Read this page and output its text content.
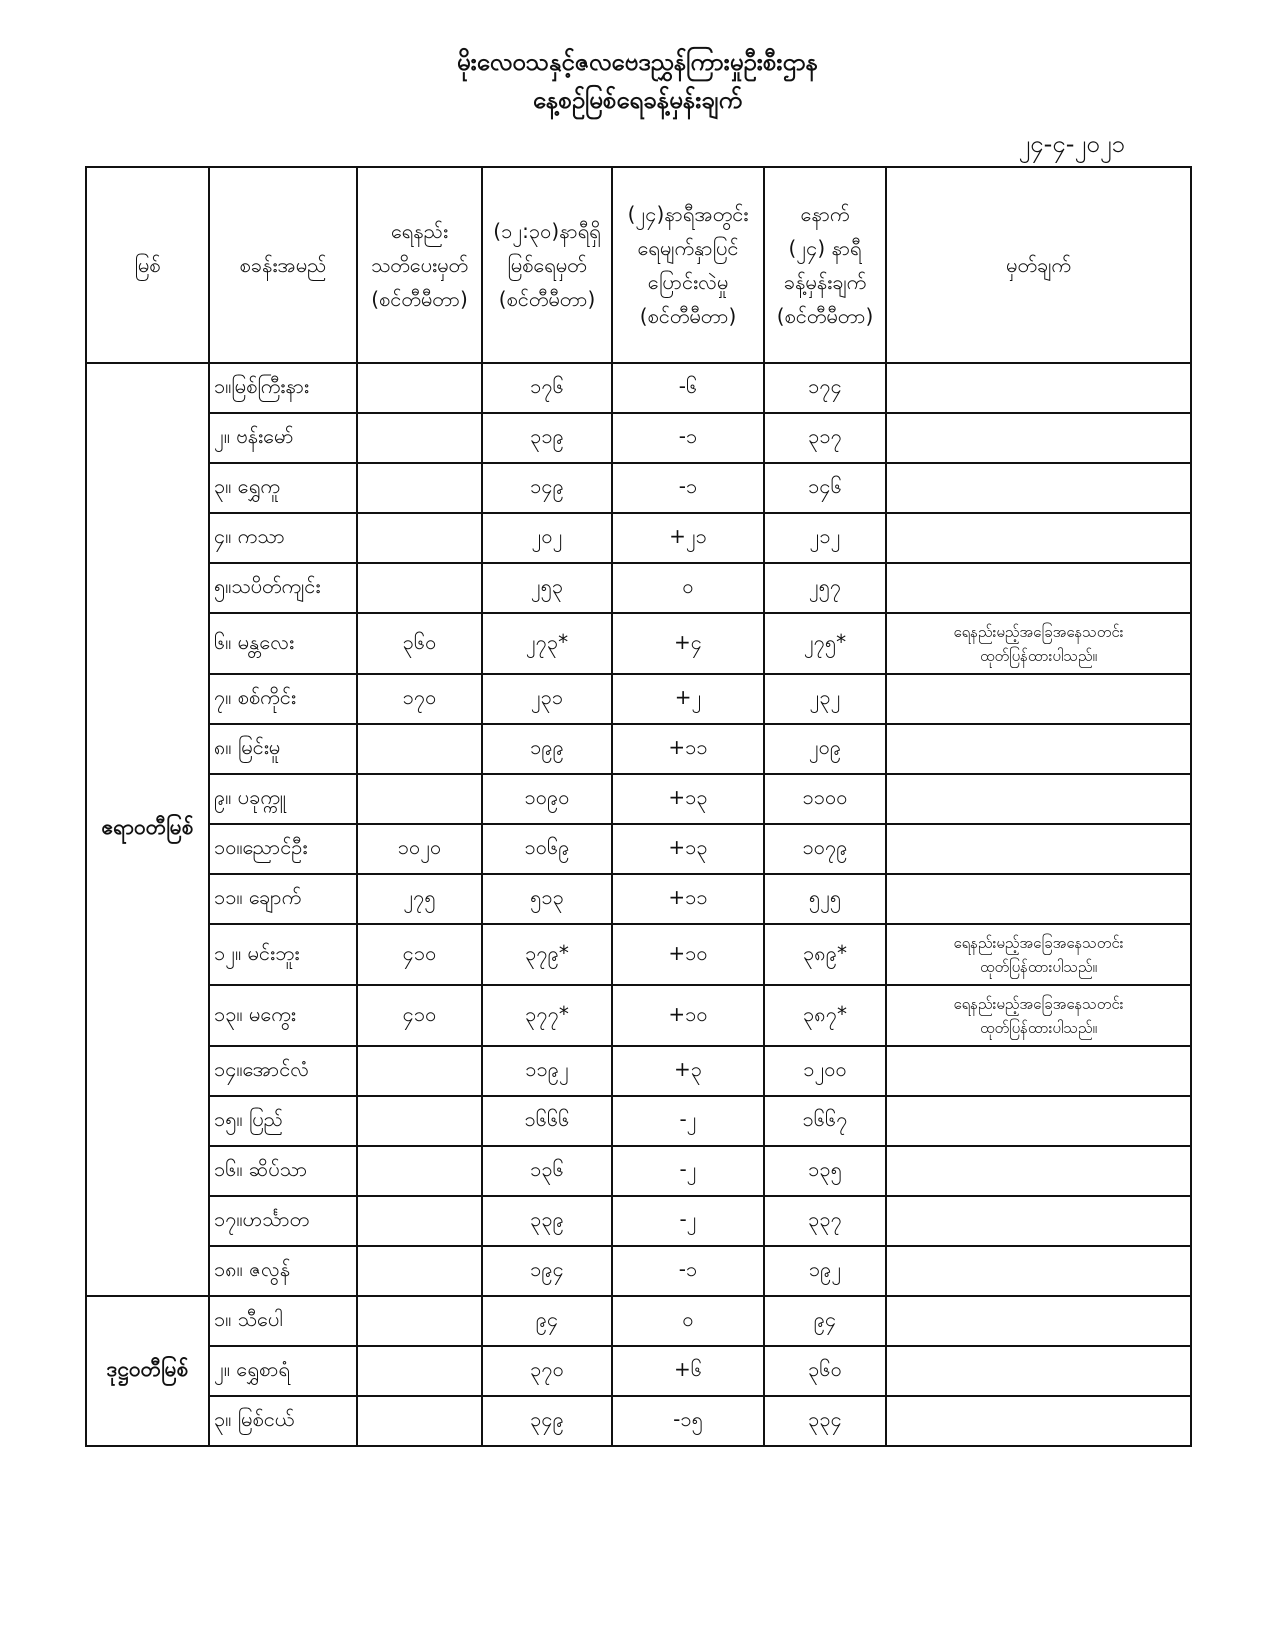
မိုးလေဝသနှင့်ဇလဗေဒညွှန်ကြားမှုဦးစီးဌာန
နေ့စဉ်မြစ်ရေခန့်မှန်းချက်
၂၄-၄-၂၀၂၁
မြစ်	စခန်းအမည်	ရေနည်း
သတိပေးမှတ်
(စင်တီမီတာ)	(၁၂:၃၀)နာရီရှိ
မြစ်ရေမှတ်
(စင်တီမီတာ)	(၂၄)နာရီအတွင်း
ရေမျက်နှာပြင်
ပြောင်းလဲမှု
(စင်တီမီတာ)	နောက်
(၂၄) နာရီ
ခန့်မှန်းချက်
(စင်တီမီတာ)	မှတ်ချက်
ဧရာဝတီမြစ်	၁။မြစ်ကြီးနား		၁၇၆	-၆	၁၇၄	

	၂။ ဗန်းမော်		၃၁၉	-၁	၃၁၇	

	၃။ ရွှေကူ		၁၄၉	-၁	၁၄၆	

	၄။ ကသာ		၂၀၂	+၂၁	၂၁၂	

	၅။သပိတ်ကျင်း		၂၅၃	၀	၂၅၇	

	၆။ မန္တလေး	၃၆၀	၂၇၃*	+၄	၂၇၅*	ရေနည်းမည့်အခြေအနေသတင်း
ထုတ်ပြန်ထားပါသည်။

	၇။ စစ်ကိုင်း	၁၇၀	၂၃၁	+၂	၂၃၂	

	၈။ မြင်းမူ		၁၉၉	+၁၁	၂၀၉	

	၉။ ပခုက္ကူ		၁၀၉၀	+၁၃	၁၁၀၀	

	၁၀။ညောင်ဦး	၁၀၂၀	၁၀၆၉	+၁၃	၁၀၇၉	

	၁၁။ ချောက်	၂၇၅	၅၁၃	+၁၁	၅၂၅	

	၁၂။ မင်းဘူး	၄၁၀	၃၇၉*	+၁၀	၃၈၉*	ရေနည်းမည့်အခြေအနေသတင်း
ထုတ်ပြန်ထားပါသည်။

	၁၃။ မကွေး	၄၁၀	၃၇၇*	+၁၀	၃၈၇*	ရေနည်းမည့်အခြေအနေသတင်း
ထုတ်ပြန်ထားပါသည်။

	၁၄။အောင်လံ		၁၁၉၂	+၃	၁၂၀၀	

	၁၅။ ပြည်		၁၆၆၆	-၂	၁၆၆၇	

	၁၆။ ဆိပ်သာ		၁၃၆	-၂	၁၃၅	

	၁၇။ဟင်္သာတ		၃၃၉	-၂	၃၃၇	

	၁၈။ ဇလွန်		၁၉၄	-၁	၁၉၂	

ဒုဋ္ဌဝတီမြစ်	၁။ သီပေါ		၉၄	၀	၉၄	

	၂။ ရွှေစာရံ		၃၇၀	+၆	၃၆၀	

	၃။ မြစ်ငယ်		၃၄၉	-၁၅	၃၃၄	
